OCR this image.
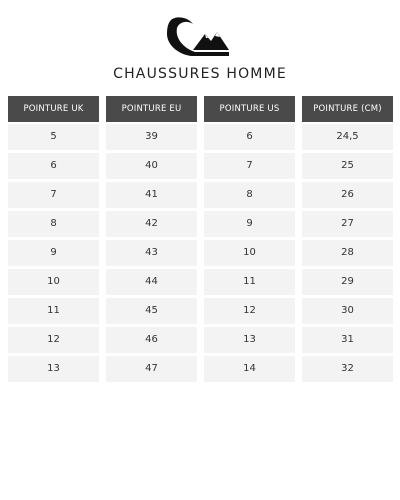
CHAUSSURES HOMME
POINTURE UK
5
6
7
8
9
10
11
12
13
POINTURE EU
39
40
41
42
43
44
45
46
47
POINTURE US
6
7
8
9
10
11
12
13
14
POINTURE (CM)
24,5
25
26
27
28
29
30
31
32
